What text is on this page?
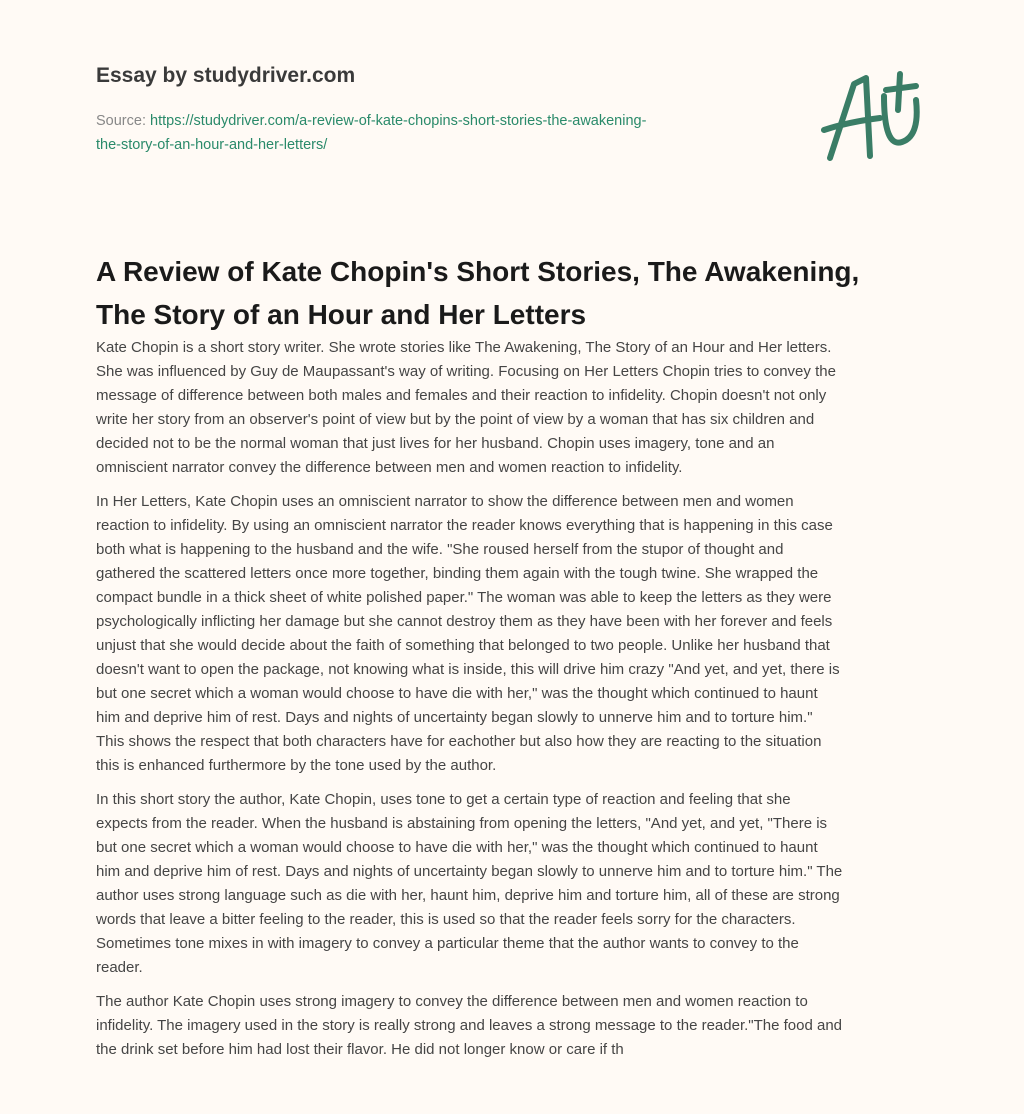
Essay by studydriver.com
Source: https://studydriver.com/a-review-of-kate-chopins-short-stories-the-awakening-
the-story-of-an-hour-and-her-letters/
A Review of Kate Chopin's Short Stories, The Awakening,
The Story of an Hour and Her Letters

Kate Chopin is a short story writer. She wrote stories like The Awakening, The Story of an Hour and Her letters.
She was influenced by Guy de Maupassant's way of writing. Focusing on Her Letters Chopin tries to convey the
message of difference between both males and females and their reaction to infidelity. Chopin doesn't not only
write her story from an observer's point of view but by the point of view by a woman that has six children and
decided not to be the normal woman that just lives for her husband. Chopin uses imagery, tone and an
omniscient narrator convey the difference between men and women reaction to infidelity.

In Her Letters, Kate Chopin uses an omniscient narrator to show the difference between men and women
reaction to infidelity. By using an omniscient narrator the reader knows everything that is happening in this case
both what is happening to the husband and the wife. "She roused herself from the stupor of thought and
gathered the scattered letters once more together, binding them again with the tough twine. She wrapped the
compact bundle in a thick sheet of white polished paper." The woman was able to keep the letters as they were
psychologically inflicting her damage but she cannot destroy them as they have been with her forever and feels
unjust that she would decide about the faith of something that belonged to two people. Unlike her husband that
doesn't want to open the package, not knowing what is inside, this will drive him crazy "And yet, and yet, there is
but one secret which a woman would choose to have die with her," was the thought which continued to haunt
him and deprive him of rest. Days and nights of uncertainty began slowly to unnerve him and to torture him."
This shows the respect that both characters have for eachother but also how they are reacting to the situation
this is enhanced furthermore by the tone used by the author.

In this short story the author, Kate Chopin, uses tone to get a certain type of reaction and feeling that she
expects from the reader. When the husband is abstaining from opening the letters, "And yet, and yet, "There is
but one secret which a woman would choose to have die with her," was the thought which continued to haunt
him and deprive him of rest. Days and nights of uncertainty began slowly to unnerve him and to torture him." The
author uses strong language such as die with her, haunt him, deprive him and torture him, all of these are strong
words that leave a bitter feeling to the reader, this is used so that the reader feels sorry for the characters.
Sometimes tone mixes in with imagery to convey a particular theme that the author wants to convey to the
reader.

The author Kate Chopin uses strong imagery to convey the difference between men and women reaction to
infidelity. The imagery used in the story is really strong and leaves a strong message to the reader."The food and
the drink set before him had lost their flavor. He did not longer know or care if th
